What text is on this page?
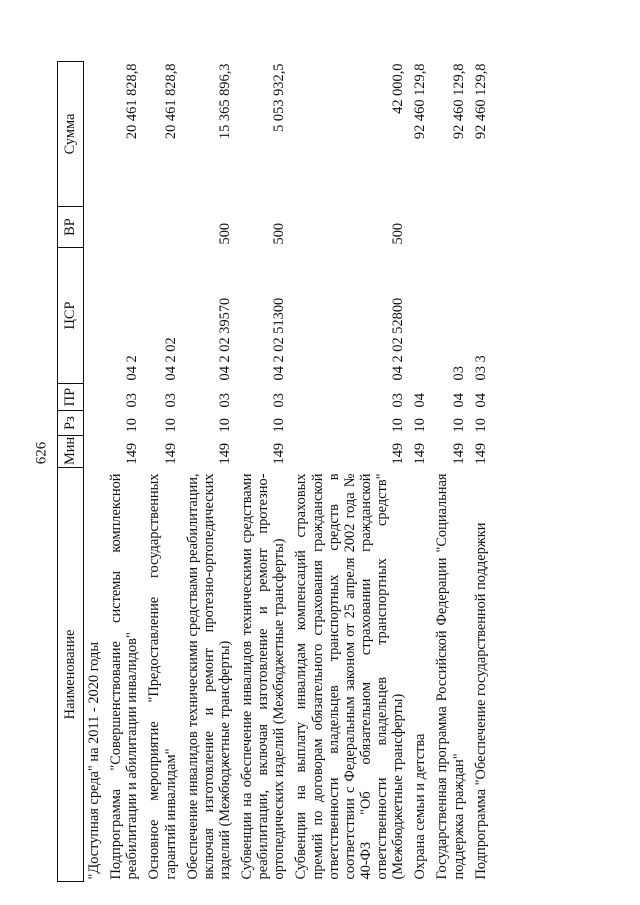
626
Наименование	Мин	Рз	ПР	ЦСР	ВР	Сумма
"Доступная среда" на 2011 - 2020 годы						
Подпрограмма "Совершенствование системы комплексной реабилитации и абилитации инвалидов"	149	10	03	04 2		20 461 828,8
Основное мероприятие "Предоставление государственных гарантий инвалидам"	149	10	03	04 2 02		20 461 828,8
Обеспечение инвалидов техническими средствами реабилитации, включая изготовление и ремонт протезно-ортопедических изделий (Межбюджетные трансферты)	149	10	03	04 2 02 39570	500	15 365 896,3
Субвенции на обеспечение инвалидов техническими средствами реабилитации, включая изготовление и ремонт протезно-ортопедических изделий (Межбюджетные трансферты)	149	10	03	04 2 02 51300	500	5 053 932,5
Субвенции на выплату инвалидам компенсаций страховых премий по договорам обязательного страхования гражданской ответственности владельцев транспортных средств в соответствии с Федеральным законом от 25 апреля 2002 года № 40-ФЗ "Об обязательном страховании гражданской ответственности владельцев транспортных средств" (Межбюджетные трансферты)	149	10	03	04 2 02 52800	500	42 000,0
Охрана семьи и детства	149	10	04			92 460 129,8
Государственная программа Российской Федерации "Социальная поддержка граждан"	149	10	04	03		92 460 129,8
Подпрограмма "Обеспечение государственной поддержки	149	10	04	03 3		92 460 129,8
